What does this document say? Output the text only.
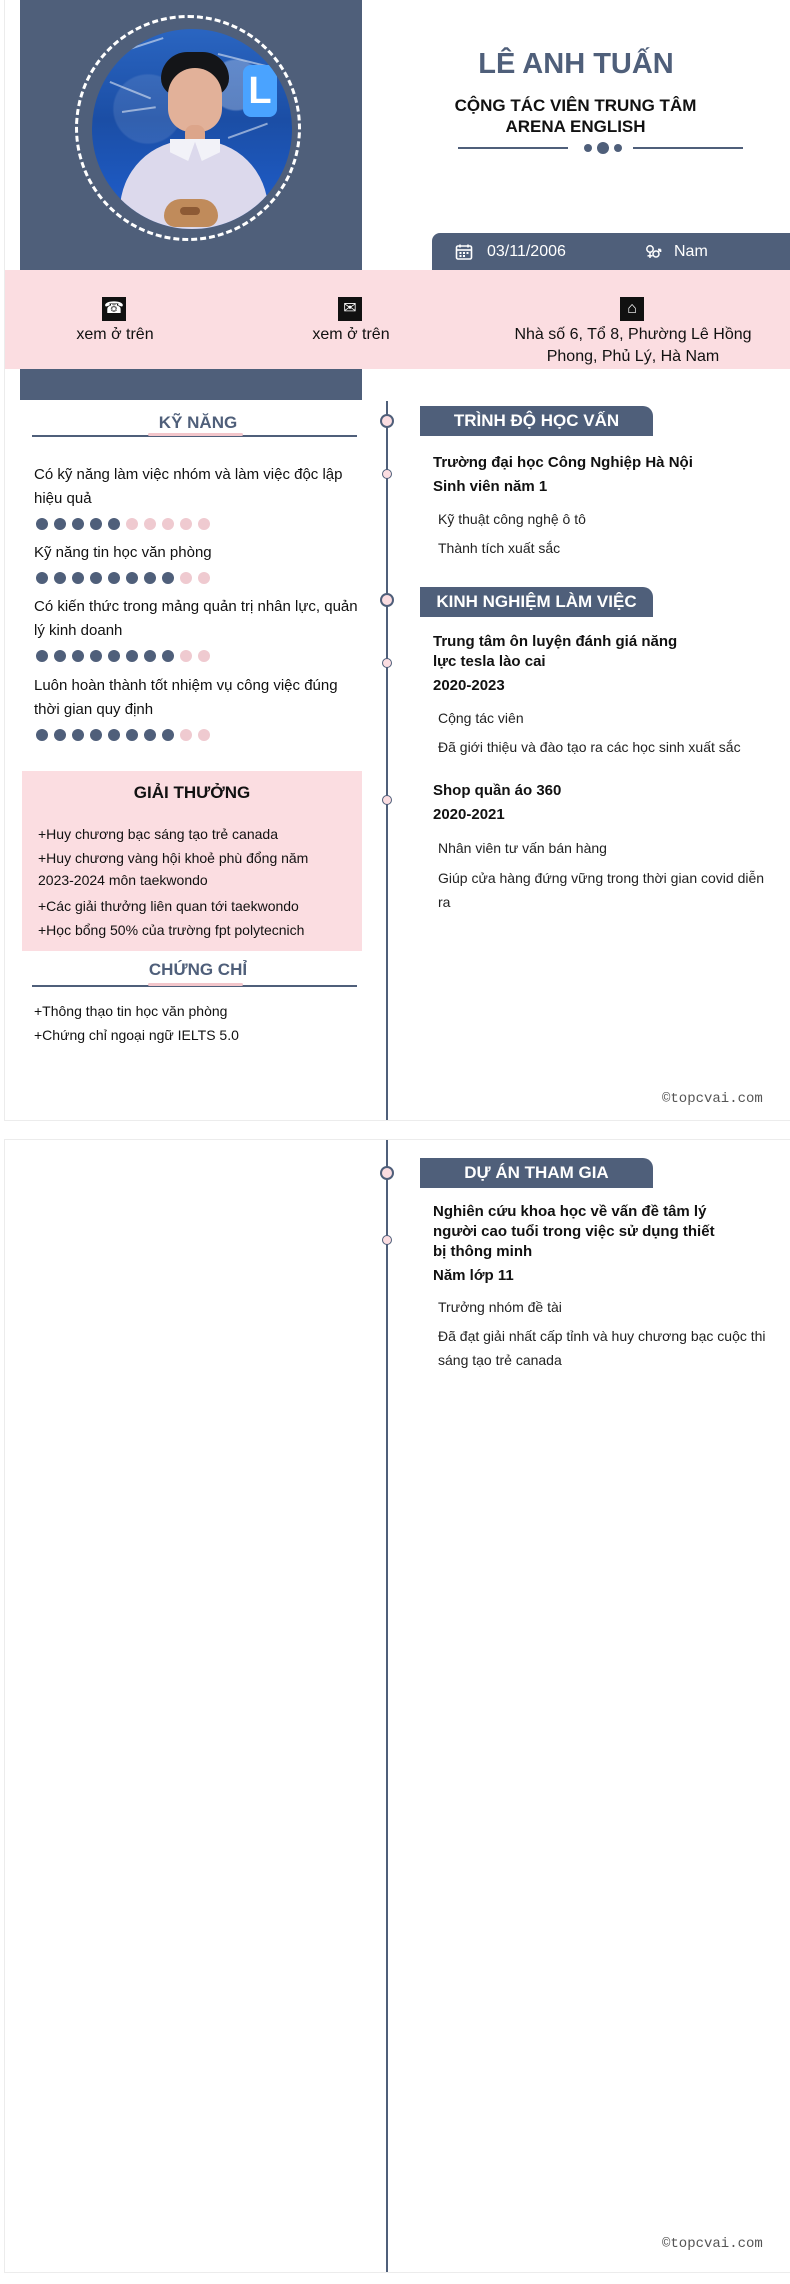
L
LÊ ANH TUẤN
CỘNG TÁC VIÊN TRUNG TÂM ARENA ENGLISH
03/11/2006	Nam
☎
xem ở trên
✉
xem ở trên
⌂
Nhà số 6, Tổ 8, Phường Lê Hồng Phong, Phủ Lý, Hà Nam
KỸ NĂNG
Có kỹ năng làm việc nhóm và làm việc độc lập hiệu quả
Kỹ năng tin học văn phòng
Có kiến thức trong mảng quản trị nhân lực, quản lý kinh doanh
Luôn hoàn thành tốt nhiệm vụ công việc đúng thời gian quy định
GIẢI THƯỞNG
+Huy chương bạc sáng tạo trẻ canada
+Huy chương vàng hội khoẻ phù đổng năm 2023-2024 môn taekwondo
+Các giải thưởng liên quan tới taekwondo
+Học bổng 50% của trường fpt polytecnich
CHỨNG CHỈ
+Thông thạo tin học văn phòng
+Chứng chỉ ngoại ngữ IELTS 5.0
TRÌNH ĐỘ HỌC VẤN
Trường đại học Công Nghiệp Hà Nội
Sinh viên năm 1
Kỹ thuật công nghệ ô tô
Thành tích xuất sắc
KINH NGHIỆM LÀM VIỆC
Trung tâm ôn luyện đánh giá năng lực tesla lào cai
2020-2023
Cộng tác viên
Đã giới thiệu và đào tạo ra các học sinh xuất sắc
Shop quần áo 360
2020-2021
Nhân viên tư vấn bán hàng
Giúp cửa hàng đứng vững trong thời gian covid diễn ra
©topcvai.com
DỰ ÁN THAM GIA
Nghiên cứu khoa học về vấn đề tâm lý người cao tuổi trong việc sử dụng thiết bị thông minh
Năm lớp 11
Trưởng nhóm đề tài
Đã đạt giải nhất cấp tỉnh và huy chương bạc cuộc thi sáng tạo trẻ canada
©topcvai.com
